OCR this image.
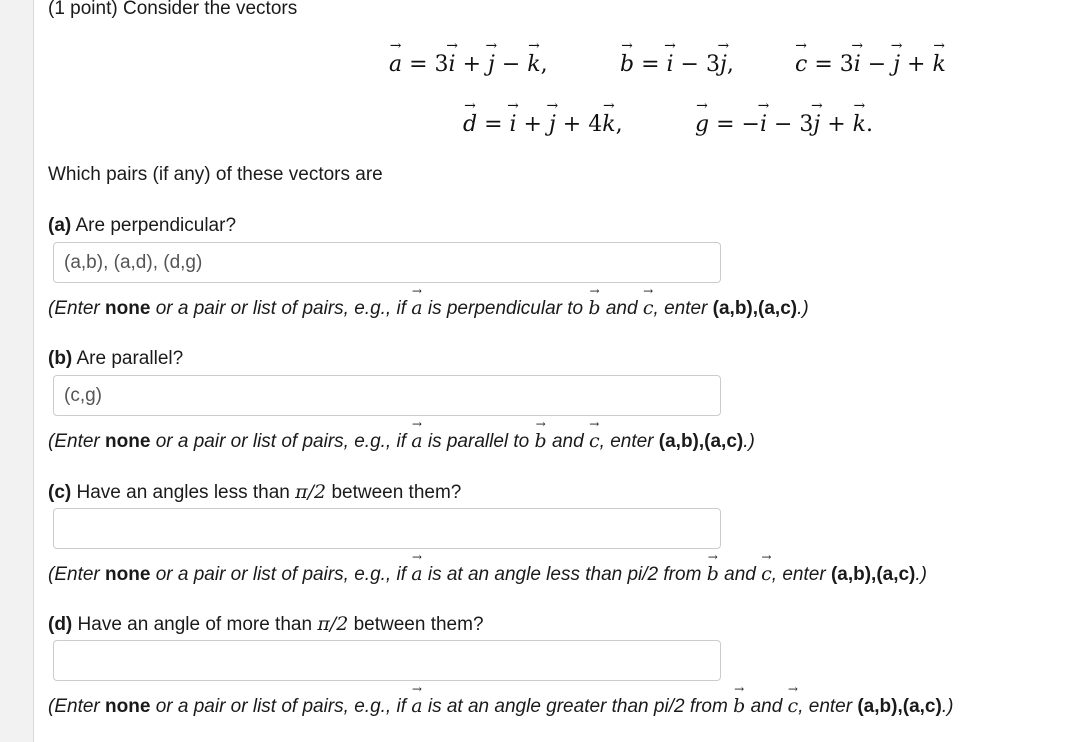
(1 point) Consider the vectors
→ a = 3→ i + → j − → k,	→ b = → i − 3→ j,	→ c = 3→ i − → j + → k
→ d = → i + → j + 4→ k,	→ g = −→ i − 3→ j + → k.
Which pairs (if any) of these vectors are
(a) Are perpendicular?
(a,b), (a,d), (d,g)
(Enter none or a pair or list of pairs, e.g., if → a is perpendicular to → b and → c, enter (a,b),(a,c).)
(b) Are parallel?
(c,g)
(Enter none or a pair or list of pairs, e.g., if → a is parallel to → b and → c, enter (a,b),(a,c).)
(c) Have an angles less than π/2 between them?
(Enter none or a pair or list of pairs, e.g., if → a is at an angle less than pi/2 from → b and → c, enter (a,b),(a,c).)
(d) Have an angle of more than π/2 between them?
(Enter none or a pair or list of pairs, e.g., if → a is at an angle greater than pi/2 from → b and → c, enter (a,b),(a,c).)
